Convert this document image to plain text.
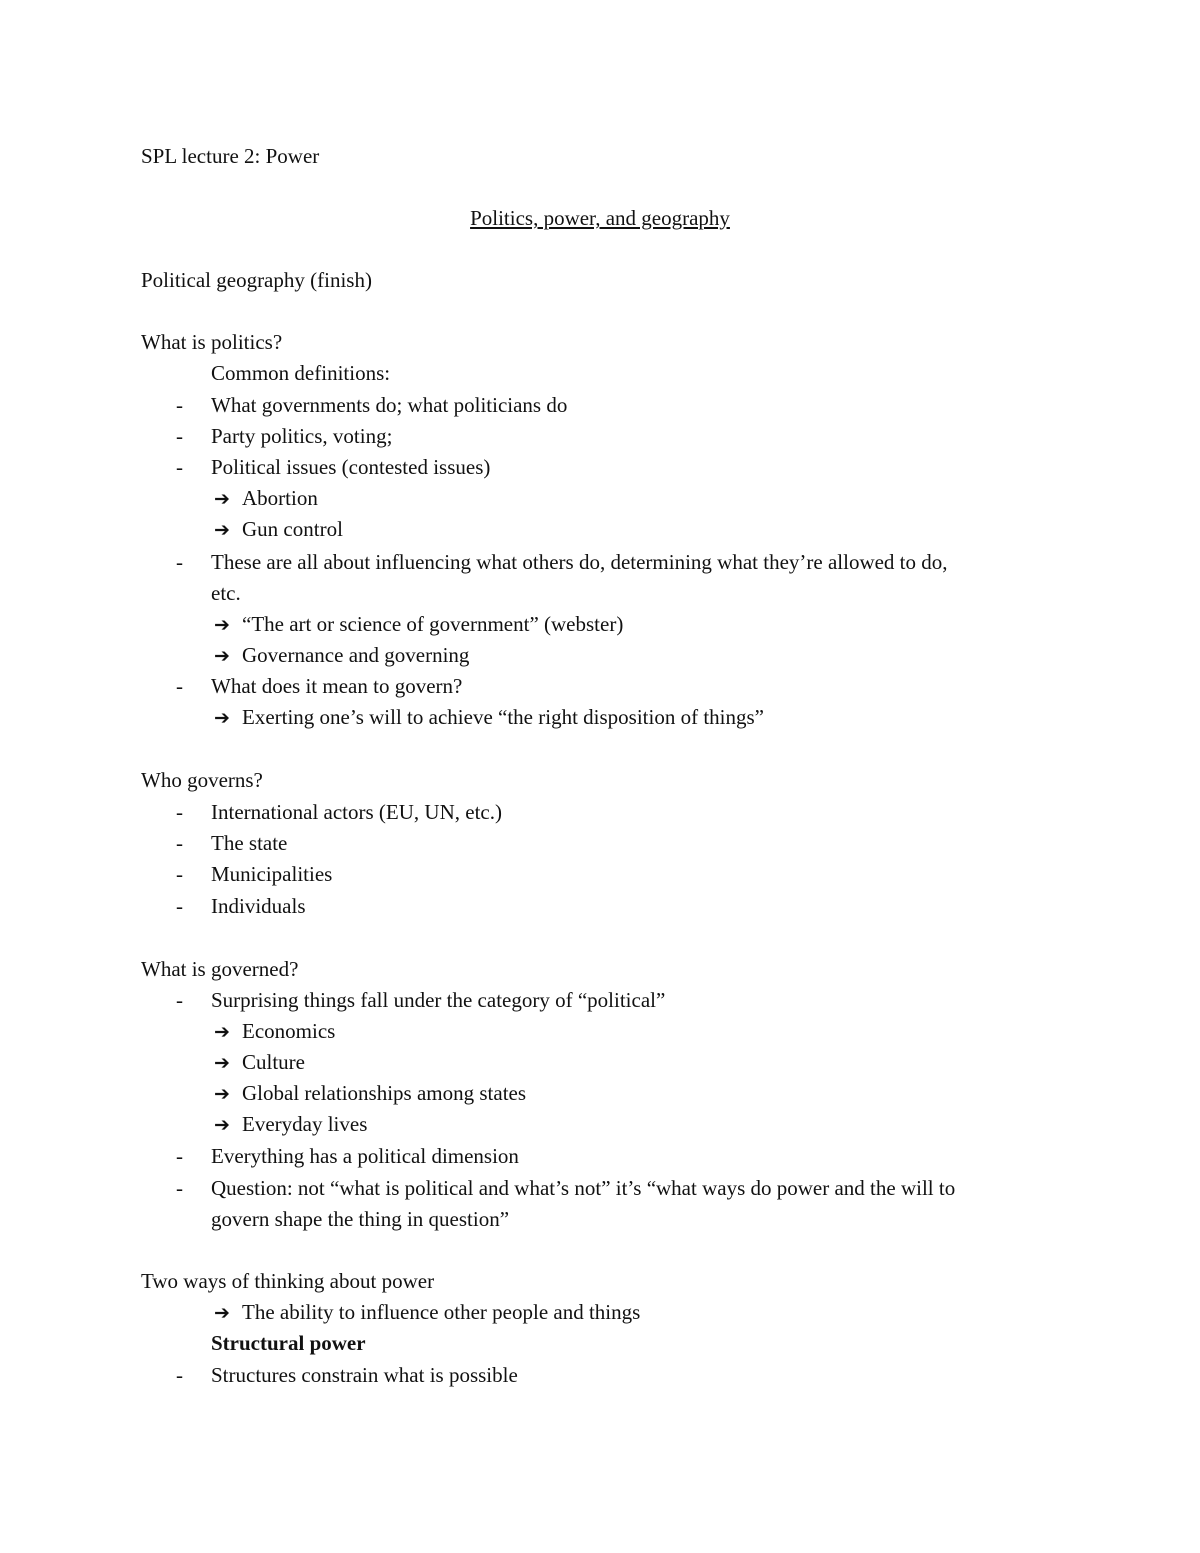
SPL lecture 2: Power
Politics, power, and geography
Political geography (finish)
What is politics?
Common definitions:
- What governments do; what politicians do
- Party politics, voting;
- Political issues (contested issues)
➔ Abortion
➔ Gun control
- These are all about influencing what others do, determining what they’re allowed to do,
etc.
➔ “The art or science of government” (webster)
➔ Governance and governing
- What does it mean to govern?
➔ Exerting one’s will to achieve “the right disposition of things”
Who governs?
- International actors (EU, UN, etc.)
- The state
- Municipalities
- Individuals
What is governed?
- Surprising things fall under the category of “political”
➔ Economics
➔ Culture
➔ Global relationships among states
➔ Everyday lives
- Everything has a political dimension
- Question: not “what is political and what’s not” it’s “what ways do power and the will to
govern shape the thing in question”
Two ways of thinking about power
➔ The ability to influence other people and things
Structural power
- Structures constrain what is possible
